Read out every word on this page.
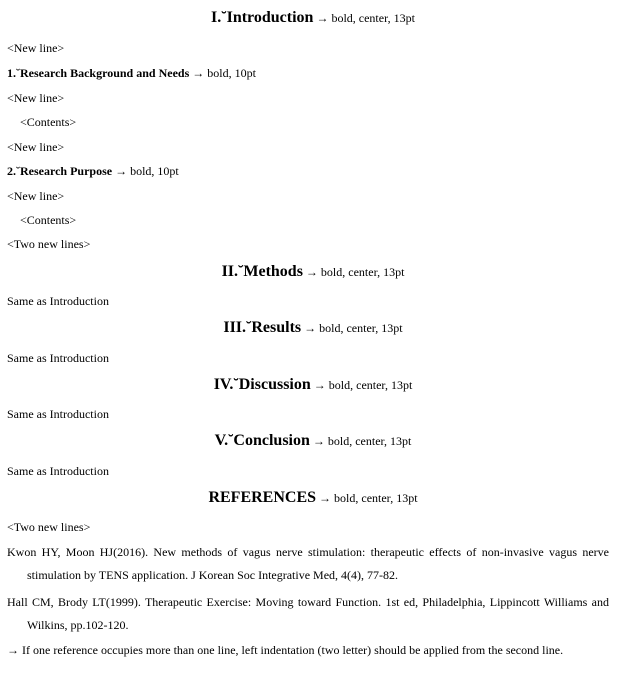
I.˘Introduction → bold, center, 13pt
<New line>
1.˘Research Background and Needs → bold, 10pt
<New line>
<Contents>
<New line>
2.˘Research Purpose → bold, 10pt
<New line>
<Contents>
<Two new lines>
II.˘Methods → bold, center, 13pt
Same as Introduction
III.˘Results → bold, center, 13pt
Same as Introduction
IV.˘Discussion → bold, center, 13pt
Same as Introduction
V.˘Conclusion → bold, center, 13pt
Same as Introduction
REFERENCES → bold, center, 13pt
<Two new lines>
Kwon HY, Moon HJ(2016). New methods of vagus nerve stimulation: therapeutic effects of non-invasive vagus nerve stimulation by TENS application. J Korean Soc Integrative Med, 4(4), 77-82.
Hall CM, Brody LT(1999). Therapeutic Exercise: Moving toward Function. 1st ed, Philadelphia, Lippincott Williams and Wilkins, pp.102-120.
→ If one reference occupies more than one line, left indentation (two letter) should be applied from the second line.
